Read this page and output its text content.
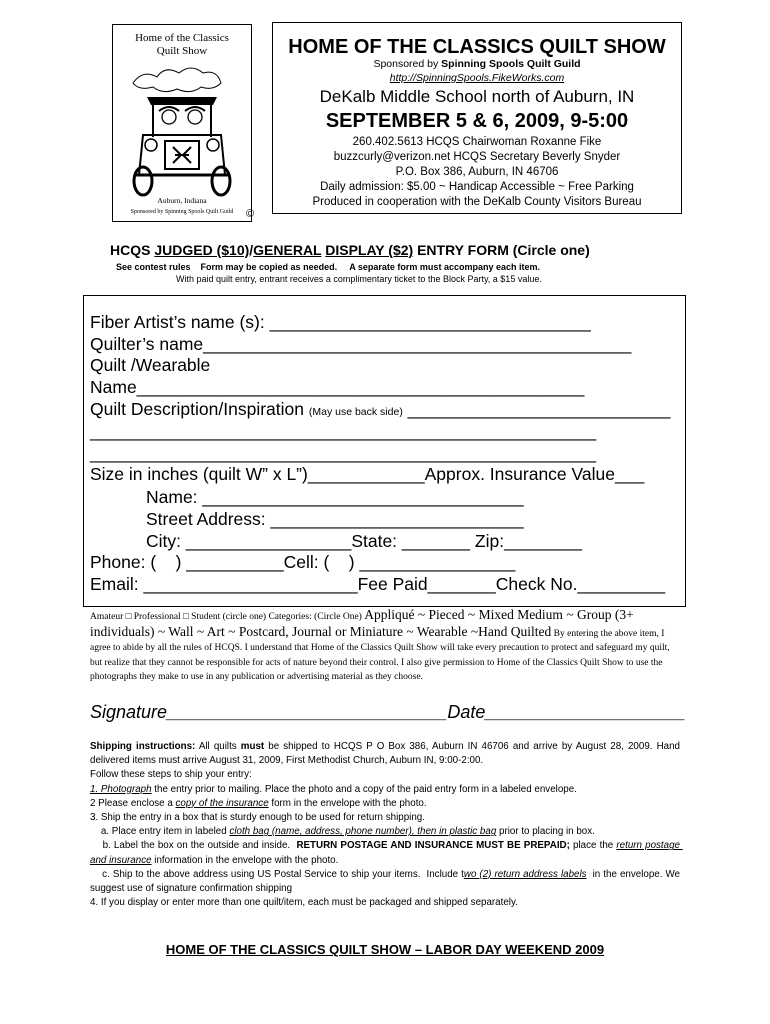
Home of the Classics
Quilt Show
Auburn, Indiana
Sponsored by Spinning Spools Quilt Guild ©
HOME OF THE CLASSICS QUILT SHOW
Sponsored by Spinning Spools Quilt Guild
http://SpinningSpools.FikeWorks.com
DeKalb Middle School north of Auburn, IN
SEPTEMBER 5 & 6, 2009, 9-5:00
260.402.5613 HCQS Chairwoman Roxanne Fike
buzzcurly@verizon.net HCQS Secretary Beverly Snyder
P.O. Box 386, Auburn, IN 46706
Daily admission: $5.00 ~ Handicap Accessible ~ Free Parking
Produced in cooperation with the DeKalb County Visitors Bureau
HCQS JUDGED ($10)/GENERAL DISPLAY ($2) ENTRY FORM (Circle one)
See contest rules    Form may be copied as needed.     A separate form must accompany each item.
With paid quilt entry, entrant receives a complimentary ticket to the Block Party, a $15 value.
Fiber Artist’s name (s): _________________________________
Quilter’s name____________________________________________
Quilt /Wearable
Name______________________________________________
Quilt Description/Inspiration (May use back side) ___________________________
____________________________________________________
____________________________________________________
Size in inches (quilt W” x L”)____________Approx. Insurance Value___
Name: _________________________________
Street Address: __________________________
City: _________________State: _______ Zip:________
Phone: (    ) __________Cell: (    ) ________________
Email: ______________________Fee Paid_______Check No._________
Amateur □ Professional □ Student (circle one) Categories: (Circle One) Appliqué ~ Pieced ~ Mixed Medium ~ Group (3+ individuals) ~ Wall ~ Art ~ Postcard, Journal or Miniature ~ Wearable ~Hand Quilted By entering the above item, I agree to abide by all the rules of HCQS. I understand that Home of the Classics Quilt Show will take every precaution to protect and safeguard my quilt, but realize that they cannot be responsible for acts of nature beyond their control. I also give permission to Home of the Classics Quilt Show to use the photographs they make to use in any publication or advertising material as they choose.
Signature____________________________Date____________________

Shipping instructions: All quilts must be shipped to HCQS P O Box 386, Auburn IN 46706 and arrive by August 28, 2009. Hand delivered items must arrive August 31, 2009, First Methodist Church, Auburn IN, 9:00-2:00.

Follow these steps to ship your entry:

1. Photograph the entry prior to mailing. Place the photo and a copy of the paid entry form in a labeled envelope.

2 Please enclose a copy of the insurance form in the envelope with the photo.

3. Ship the entry in a box that is sturdy enough to be used for return shipping.

a. Place entry item in labeled cloth bag (name, address, phone number), then in plastic bag prior to placing in box.

b. Label the box on the outside and inside.  RETURN POSTAGE AND INSURANCE MUST BE PREPAID; place the return postage and insurance information in the envelope with the photo.

c. Ship to the above address using US Postal Service to ship your items.  Include two (2) return address labels  in the envelope. We suggest use of signature confirmation shipping

4. If you display or enter more than one quilt/item, each must be packaged and shipped separately.

HOME OF THE CLASSICS QUILT SHOW – LABOR DAY WEEKEND 2009
